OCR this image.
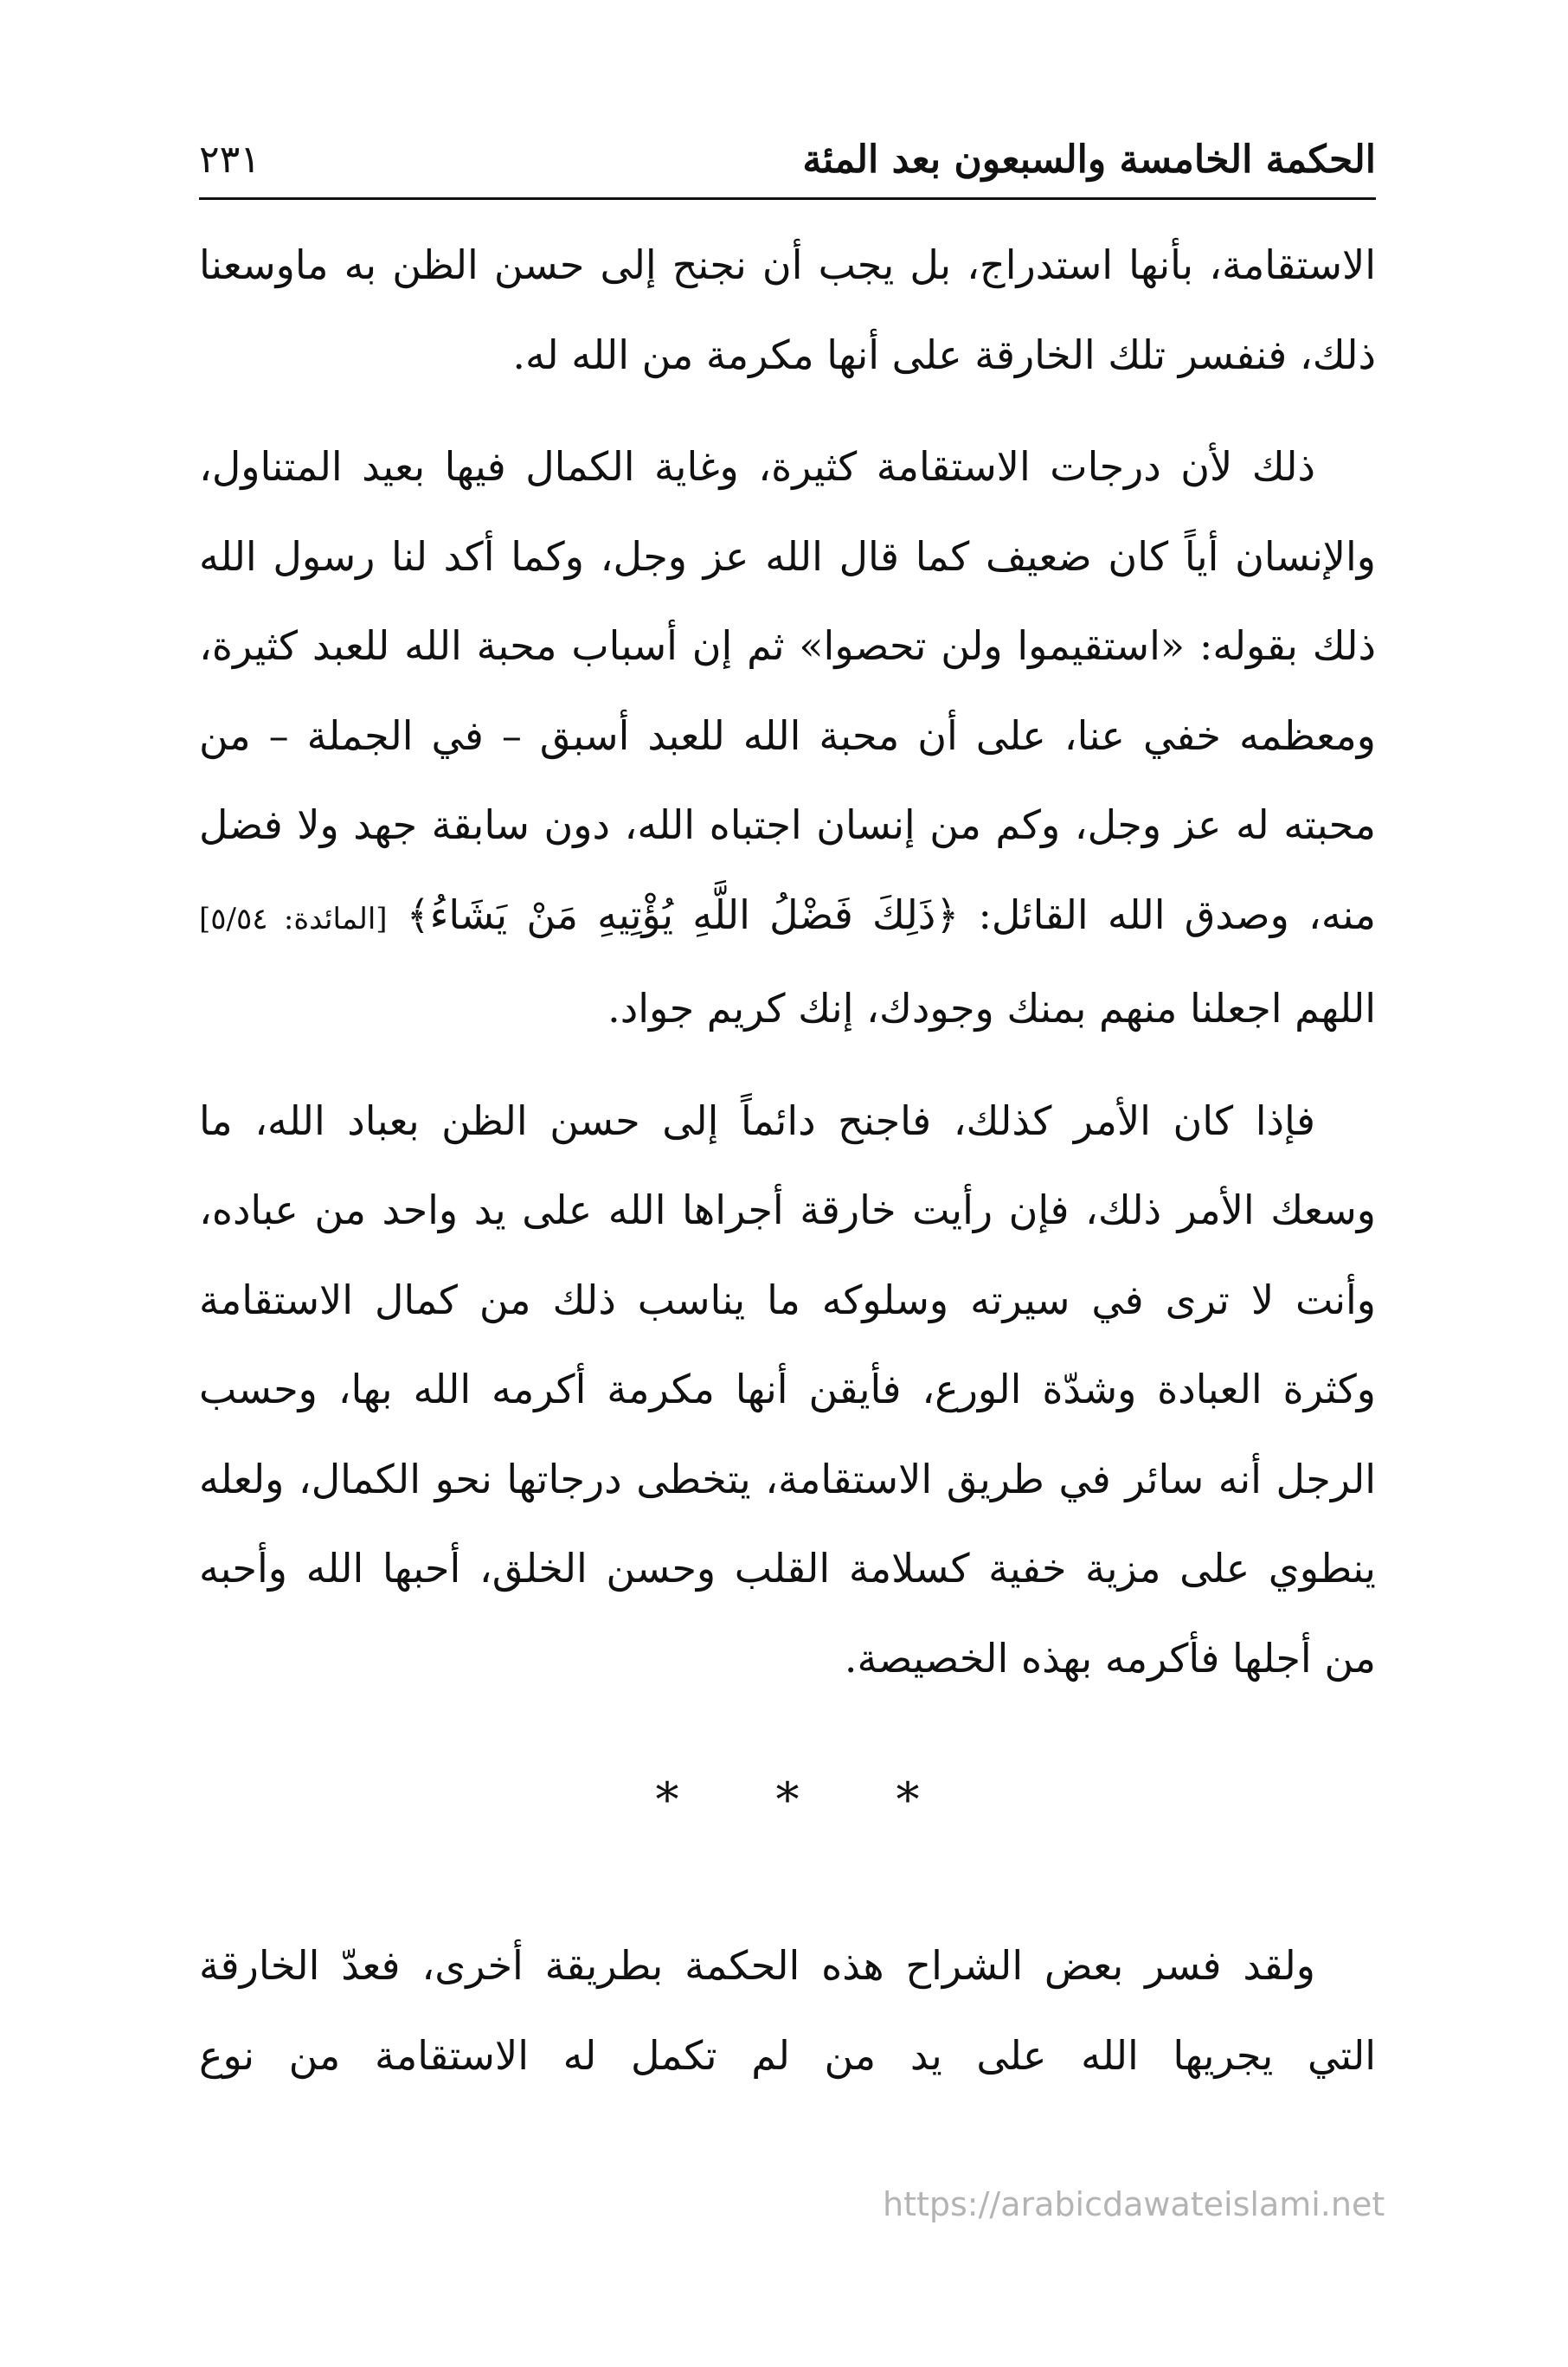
الحكمة الخامسة والسبعون بعد المئة
٢٣١

الاستقامة، بأنها استدراج، بل يجب أن نجنح إلى حسن الظن به ماوسعنا ذلك، فنفسر تلك الخارقة على أنها مكرمة من الله له.

ذلك لأن درجات الاستقامة كثيرة، وغاية الكمال فيها بعيد المتناول، والإنسان أياً كان ضعيف كما قال الله عز وجل، وكما أكد لنا رسول الله ذلك بقوله: «استقيموا ولن تحصوا» ثم إن أسباب محبة الله للعبد كثيرة، ومعظمه خفي عنا، على أن محبة الله للعبد أسبق – في الجملة – من محبته له عز وجل، وكم من إنسان اجتباه الله، دون سابقة جهد ولا فضل منه، وصدق الله القائل: ﴿ذَلِكَ فَضْلُ اللَّهِ يُؤْتِيهِ مَنْ يَشَاءُ﴾ [المائدة: ٥/٥٤] اللهم اجعلنا منهم بمنك وجودك، إنك كريم جواد.

فإذا كان الأمر كذلك، فاجنح دائماً إلى حسن الظن بعباد الله، ما وسعك الأمر ذلك، فإن رأيت خارقة أجراها الله على يد واحد من عباده، وأنت لا ترى في سيرته وسلوكه ما يناسب ذلك من كمال الاستقامة وكثرة العبادة وشدّة الورع، فأيقن أنها مكرمة أكرمه الله بها، وحسب الرجل أنه سائر في طريق الاستقامة، يتخطى درجاتها نحو الكمال، ولعله ينطوي على مزية خفية كسلامة القلب وحسن الخلق، أحبها الله وأحبه من أجلها فأكرمه بهذه الخصيصة.

***

ولقد فسر بعض الشراح هذه الحكمة بطريقة أخرى، فعدّ الخارقة التي يجريها الله على يد من لم تكمل له الاستقامة من نوع

https://arabicdawateislami.net
